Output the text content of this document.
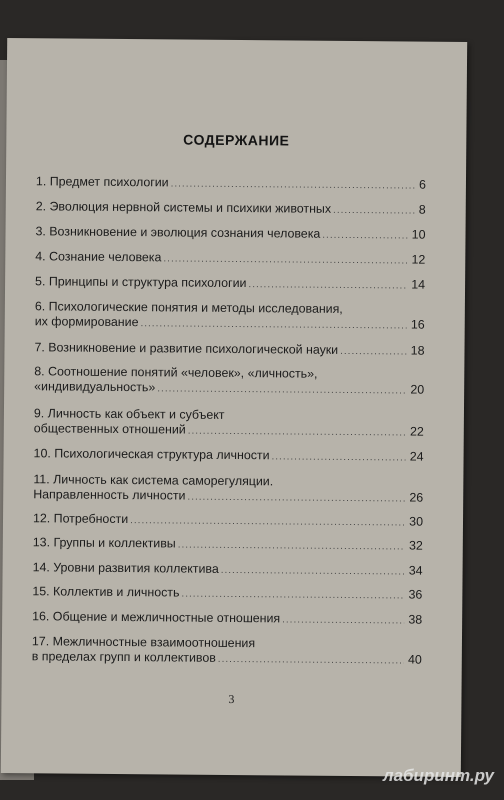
СОДЕРЖАНИЕ
1. Предмет психологии .....	6
2. Эволюция нервной системы и психики животных .....	8
3. Возникновение и эволюция сознания человека .....	10
4. Сознание человека .....	12
5. Принципы и структура психологии .....	14
6. Психологические понятия и методы исследования,
их формирование .....	16
7. Возникновение и развитие психологической науки .....	18
8. Соотношение понятий «человек», «личность»,
«индивидуальность» .....	20
9. Личность как объект и субъект
общественных отношений .....	22
10. Психологическая структура личности .....	24
11. Личность как система саморегуляции.
Направленность личности .....	26
12. Потребности .....	30
13. Группы и коллективы .....	32
14. Уровни развития коллектива .....	34
15. Коллектив и личность .....	36
16. Общение и межличностные отношения .....	38
17. Межличностные взаимоотношения
в пределах групп и коллективов .....	40
3
лабиринт.ру
